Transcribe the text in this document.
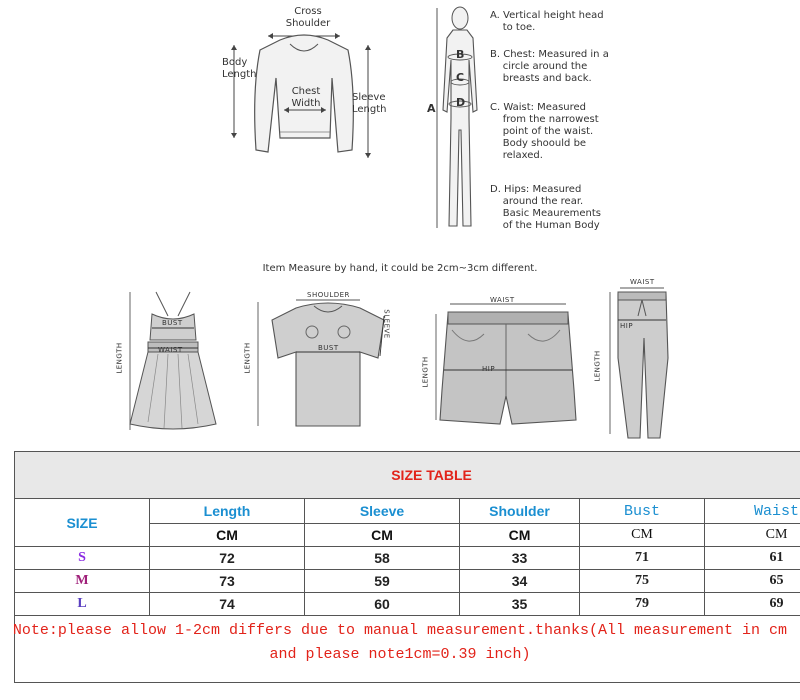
Cross
Shoulder
Body
Length
Chest
Width
Sleeve
Length	A
B
C
D
A. Vertical height head
to toe.
B. Chest: Measured in a
circle around the
breasts and back.
C. Waist: Measured
from the narrowest
point of the waist.
Body shoould be
relaxed.
D. Hips: Measured
around the rear.
Basic Meaurements
of the Human Body
Item Measure by hand, it could be 2cm~3cm different.
BUST
WAIST
LENGTH
SHOULDER
SLEEVE
BUST
LENGTH
WAIST
HIP
LENGTH
WAIST
HIP
LENGTH
SIZE TABLE					
SIZE	Length	Sleeve	Shoulder	Bust	Waist
	CM	CM	CM	CM	CM
S	72	58	33	71	61
M	73	59	34	75	65
L	74	60	35	79	69

Note:please allow 1-2cm differs due to manual measurement.thanks(All measurement in cm
and please note1cm=0.39 inch)
